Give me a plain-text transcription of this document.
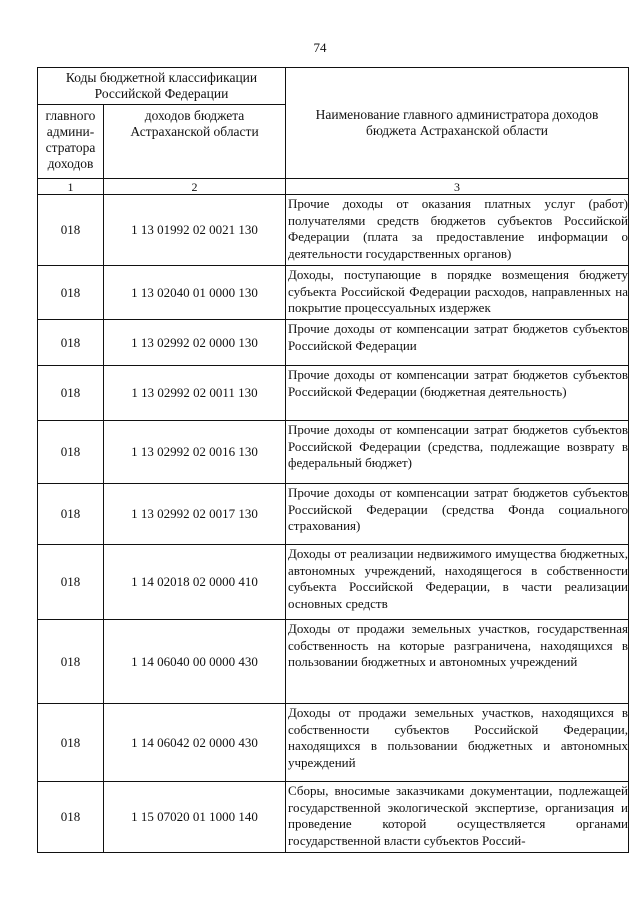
74
Коды бюджетной классификации Российской Федерации		Наименование главного администратора доходов бюджета Астраханской области
главного админи-стратора доходов	доходов бюджета Астраханской области	
1	2	3
018	1 13 01992 02 0021 130	Прочие доходы от оказания платных услуг (работ) получателями средств бюджетов субъектов Российской Федерации (плата за предоставление информации о деятельности государственных органов)
018	1 13 02040 01 0000 130	Доходы, поступающие в порядке возмещения бюджету субъекта Российской Федерации расходов, направленных на покрытие процессуальных издержек
018	1 13 02992 02 0000 130	Прочие доходы от компенсации затрат бюджетов субъектов Российской Федерации
018	1 13 02992 02 0011 130	Прочие доходы от компенсации затрат бюджетов субъектов Российской Федерации (бюджетная деятельность)
018	1 13 02992 02 0016 130	Прочие доходы от компенсации затрат бюджетов субъектов Российской Федерации (средства, подлежащие возврату в федеральный бюджет)
018	1 13 02992 02 0017 130	Прочие доходы от компенсации затрат бюджетов субъектов Российской Федерации (средства Фонда социального страхования)
018	1 14 02018 02 0000 410	Доходы от реализации недвижимого имущества бюджетных, автономных учреждений, находящегося в собственности субъекта Российской Федерации, в части реализации основных средств
018	1 14 06040 00 0000 430	Доходы от продажи земельных участков, государственная собственность на которые разграничена, находящихся в пользовании бюджетных и автономных учреждений
018	1 14 06042 02 0000 430	Доходы от продажи земельных участков, находящихся в собственности субъектов Российской Федерации, находящихся в пользовании бюджетных и автономных учреждений
018	1 15 07020 01 1000 140	Сборы, вносимые заказчиками документации, подлежащей государственной экологической экспертизе, организация и проведение которой осуществляется органами государственной власти субъектов Россий-
